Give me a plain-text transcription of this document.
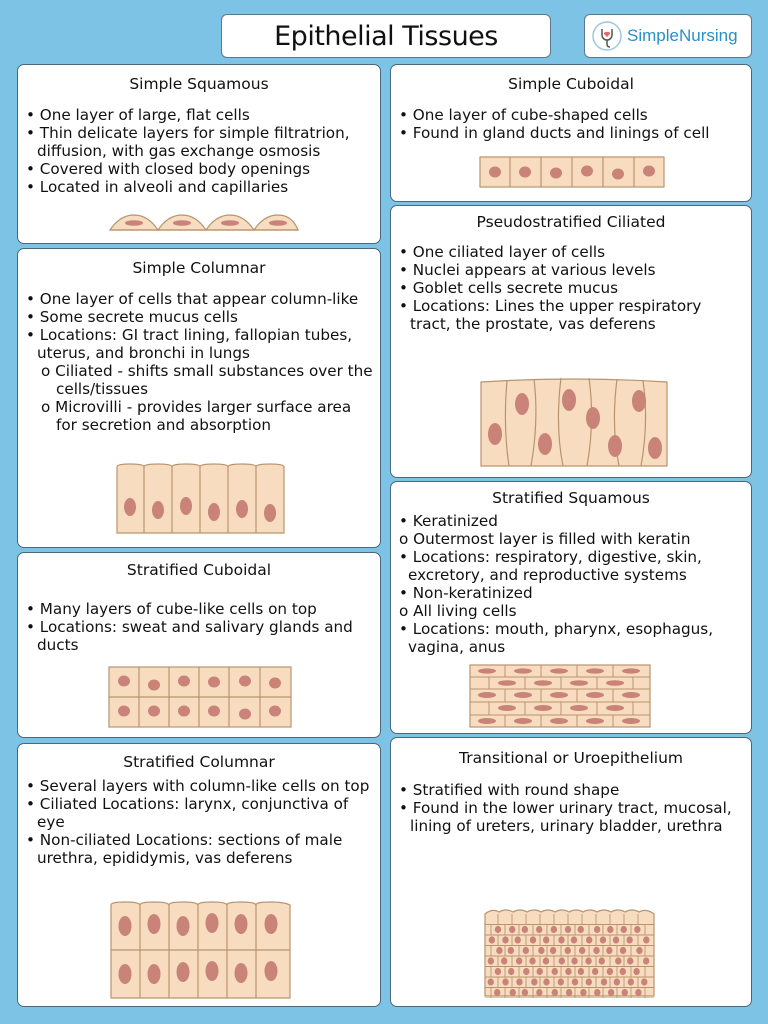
Epithelial Tissues	SimpleNursing
Simple Squamous
• One layer of large, flat cells
• Thin delicate layers for simple filtratrion, diffusion, with gas exchange osmosis
• Covered with closed body openings
• Located in alveoli and capillaries
Simple Cuboidal
• One layer of cube-shaped cells
• Found in gland ducts and linings of cell
Simple Columnar
• One layer of cells that appear column-like
• Some secrete mucus cells
• Locations: GI tract lining, fallopian tubes, uterus, and bronchi in lungs
o Ciliated - shifts small substances over the cells/tissues
o Microvilli - provides larger surface area for secretion and absorption
Pseudostratified Ciliated
• One ciliated layer of cells
• Nuclei appears at various levels
• Goblet cells secrete mucus
• Locations: Lines the upper respiratory tract, the prostate, vas deferens
Stratified Squamous
• Keratinized
o Outermost layer is filled with keratin
• Locations: respiratory, digestive, skin, excretory, and reproductive systems
• Non-keratinized
o All living cells
• Locations: mouth, pharynx, esophagus, vagina, anus
Stratified Cuboidal
• Many layers of cube-like cells on top
• Locations: sweat and salivary glands and ducts
Stratified Columnar
• Several layers with column-like cells on top
• Ciliated Locations: larynx, conjunctiva of eye
• Non-ciliated Locations: sections of male urethra, epididymis, vas deferens
Transitional or Uroepithelium
• Stratified with round shape
• Found in the lower urinary tract, mucosal, lining of ureters, urinary bladder, urethra
